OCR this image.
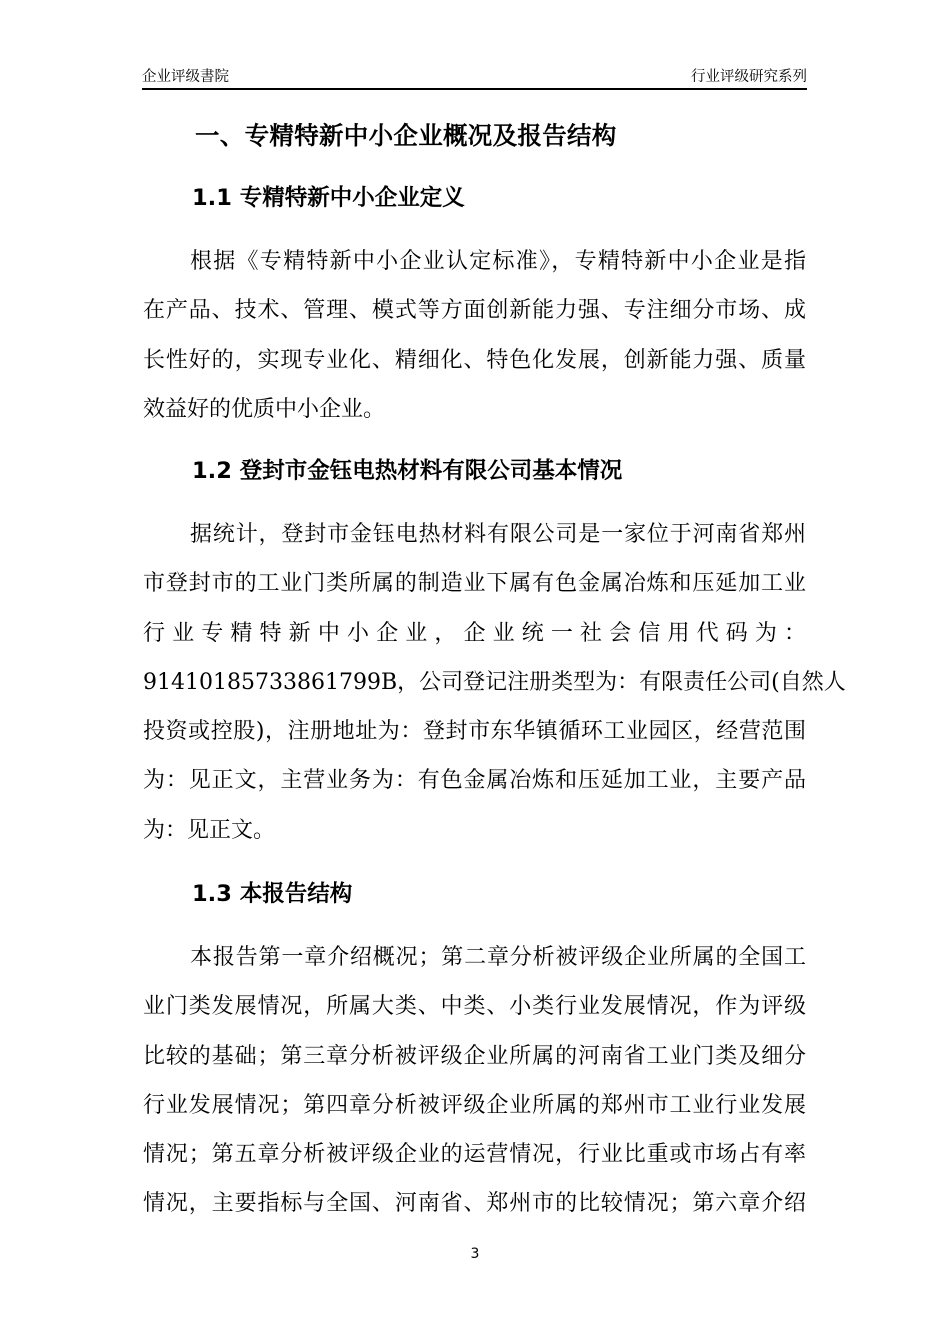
企业评级書院	行业评级研究系列
一、专精特新中小企业概况及报告结构
1.1 专精特新中小企业定义
根据《专精特新中小企业认定标准》，专精特新中小企业是指
在产品、技术、管理、模式等方面创新能力强、专注细分市场、成
长性好的，实现专业化、精细化、特色化发展，创新能力强、质量
效益好的优质中小企业。
1.2 登封市金钰电热材料有限公司基本情况
据统计，登封市金钰电热材料有限公司是一家位于河南省郑州
市登封市的工业门类所属的制造业下属有色金属冶炼和压延加工业
行业专精特新中小企业，企业统一社会信用代码为：
91410185733861799B，公司登记注册类型为：有限责任公司(自然人
投资或控股)，注册地址为：登封市东华镇循环工业园区，经营范围
为：见正文，主营业务为：有色金属冶炼和压延加工业，主要产品
为：见正文。
1.3 本报告结构
本报告第一章介绍概况；第二章分析被评级企业所属的全国工
业门类发展情况，所属大类、中类、小类行业发展情况，作为评级
比较的基础；第三章分析被评级企业所属的河南省工业门类及细分
行业发展情况；第四章分析被评级企业所属的郑州市工业行业发展
情况；第五章分析被评级企业的运营情况，行业比重或市场占有率
情况，主要指标与全国、河南省、郑州市的比较情况；第六章介绍
3
